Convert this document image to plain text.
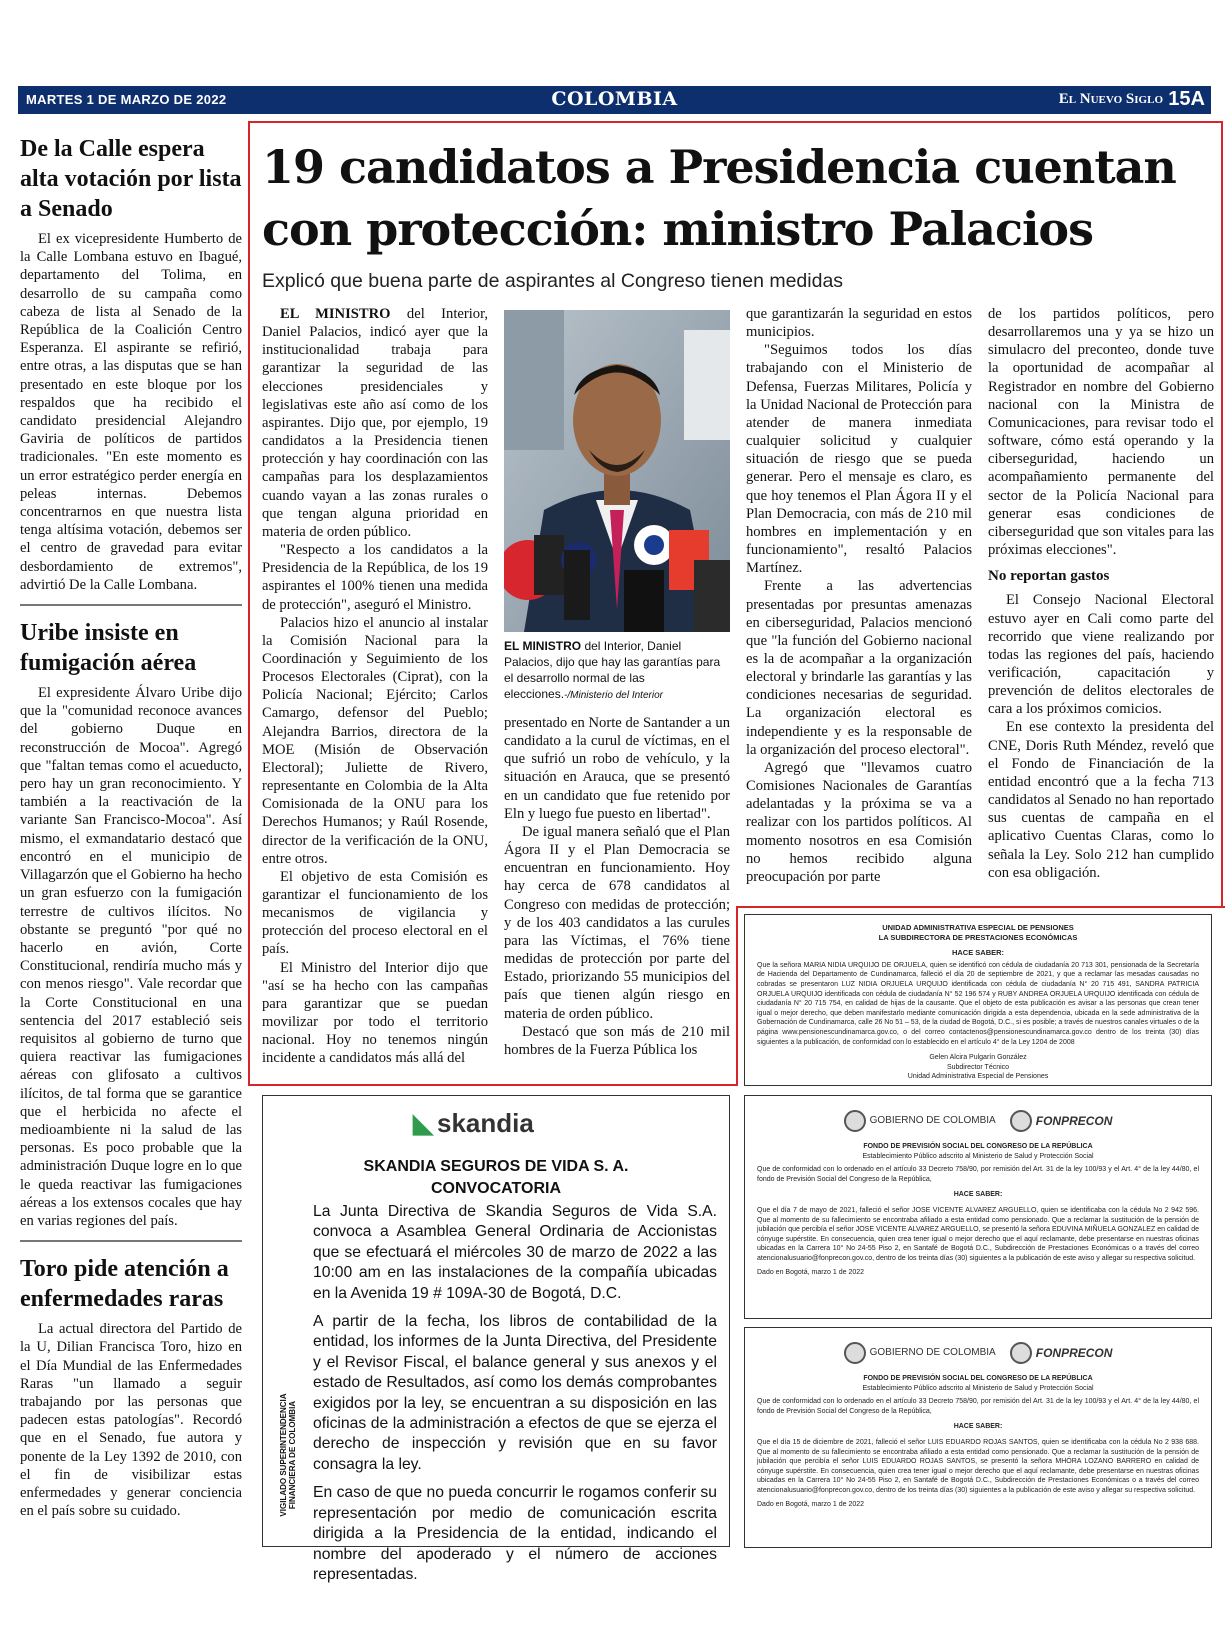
MARTES 1 DE MARZO DE 2022	COLOMBIA	El Nuevo Siglo 15A
De la Calle espera alta votación por lista a Senado

El ex vicepresidente Humberto de la Calle Lombana estuvo en Ibagué, departamento del Tolima, en desarrollo de su campaña como cabeza de lista al Senado de la República de la Coalición Centro Esperanza. El aspirante se refirió, entre otras, a las disputas que se han presentado en este bloque por los respaldos que ha recibido el candidato presidencial Alejandro Gaviria de políticos de partidos tradicionales. "En este momento es un error estratégico perder energía en peleas internas. Debemos concentrarnos en que nuestra lista tenga altísima votación, debemos ser el centro de gravedad para evitar desbordamiento de extremos", advirtió De la Calle Lombana.

Uribe insiste en fumigación aérea

El expresidente Álvaro Uribe dijo que la "comunidad reconoce avances del gobierno Duque en reconstrucción de Mocoa". Agregó que "faltan temas como el acueducto, pero hay un gran reconocimiento. Y también a la reactivación de la variante San Francisco-Mocoa". Así mismo, el exmandatario destacó que encontró en el municipio de Villagarzón que el Gobierno ha hecho un gran esfuerzo con la fumigación terrestre de cultivos ilícitos. No obstante se preguntó "por qué no hacerlo en avión, Corte Constitucional, rendiría mucho más y con menos riesgo". Vale recordar que la Corte Constitucional en una sentencia del 2017 estableció seis requisitos al gobierno de turno que quiera reactivar las fumigaciones aéreas con glifosato a cultivos ilícitos, de tal forma que se garantice que el herbicida no afecte el medioambiente ni la salud de las personas. Es poco probable que la administración Duque logre en lo que le queda reactivar las fumigaciones aéreas a los extensos cocales que hay en varias regiones del país.

Toro pide atención a enfermedades raras

La actual directora del Partido de la U, Dilian Francisca Toro, hizo en el Día Mundial de las Enfermedades Raras "un llamado a seguir trabajando por las personas que padecen estas patologías". Recordó que en el Senado, fue autora y ponente de la Ley 1392 de 2010, con el fin de visibilizar estas enfermedades y generar conciencia en el país sobre su cuidado.

19 candidatos a Presidencia cuentan con protección: ministro Palacios
Explicó que buena parte de aspirantes al Congreso tienen medidas

EL MINISTRO del Interior, Daniel Palacios, indicó ayer que la institucionalidad trabaja para garantizar la seguridad de las elecciones presidenciales y legislativas este año así como de los aspirantes. Dijo que, por ejemplo, 19 candidatos a la Presidencia tienen protección y hay coordinación con las campañas para los desplazamientos cuando vayan a las zonas rurales o que tengan alguna prioridad en materia de orden público.

"Respecto a los candidatos a la Presidencia de la República, de los 19 aspirantes el 100% tienen una medida de protección", aseguró el Ministro.

Palacios hizo el anuncio al instalar la Comisión Nacional para la Coordinación y Seguimiento de los Procesos Electorales (Ciprat), con la Policía Nacional; Ejército; Carlos Camargo, defensor del Pueblo; Alejandra Barrios, directora de la MOE (Misión de Observación Electoral); Juliette de Rivero, representante en Colombia de la Alta Comisionada de la ONU para los Derechos Humanos; y Raúl Rosende, director de la verificación de la ONU, entre otros.

El objetivo de esta Comisión es garantizar el funcionamiento de los mecanismos de vigilancia y protección del proceso electoral en el país.

El Ministro del Interior dijo que "así se ha hecho con las campañas para garantizar que se puedan movilizar por todo el territorio nacional. Hoy no tenemos ningún incidente a candidatos más allá del

EL MINISTRO del Interior, Daniel Palacios, dijo que hay las garantías para el desarrollo normal de las elecciones.-/Ministerio del Interior

presentado en Norte de Santander a un candidato a la curul de víctimas, en el que sufrió un robo de vehículo, y la situación en Arauca, que se presentó en un candidato que fue retenido por Eln y luego fue puesto en libertad".

De igual manera señaló que el Plan Ágora II y el Plan Democracia se encuentran en funcionamiento. Hoy hay cerca de 678 candidatos al Congreso con medidas de protección; y de los 403 candidatos a las curules para las Víctimas, el 76% tiene medidas de protección por parte del Estado, priorizando 55 municipios del país que tienen algún riesgo en materia de orden público.

Destacó que son más de 210 mil hombres de la Fuerza Pública los

que garantizarán la seguridad en estos municipios.

"Seguimos todos los días trabajando con el Ministerio de Defensa, Fuerzas Militares, Policía y la Unidad Nacional de Protección para atender de manera inmediata cualquier solicitud y cualquier situación de riesgo que se pueda generar. Pero el mensaje es claro, es que hoy tenemos el Plan Ágora II y el Plan Democracia, con más de 210 mil hombres en implementación y en funcionamiento", resaltó Palacios Martínez.

Frente a las advertencias presentadas por presuntas amenazas en ciberseguridad, Palacios mencionó que "la función del Gobierno nacional es la de acompañar a la organización electoral y brindarle las garantías y las condiciones necesarias de seguridad. La organización electoral es independiente y es la responsable de la organización del proceso electoral".

Agregó que "llevamos cuatro Comisiones Nacionales de Garantías adelantadas y la próxima se va a realizar con los partidos políticos. Al momento nosotros en esa Comisión no hemos recibido alguna preocupación por parte

de los partidos políticos, pero desarrollaremos una y ya se hizo un simulacro del preconteo, donde tuve la oportunidad de acompañar al Registrador en nombre del Gobierno nacional con la Ministra de Comunicaciones, para revisar todo el software, cómo está operando y la ciberseguridad, haciendo un acompañamiento permanente del sector de la Policía Nacional para generar esas condiciones de ciberseguridad que son vitales para las próximas elecciones".

No reportan gastos

El Consejo Nacional Electoral estuvo ayer en Cali como parte del recorrido que viene realizando por todas las regiones del país, haciendo verificación, capacitación y prevención de delitos electorales de cara a los próximos comicios.

En ese contexto la presidenta del CNE, Doris Ruth Méndez, reveló que el Fondo de Financiación de la entidad encontró que a la fecha 713 candidatos al Senado no han reportado sus cuentas de campaña en el aplicativo Cuentas Claras, como lo señala la Ley. Solo 212 han cumplido con esa obligación.

UNIDAD ADMINISTRATIVA ESPECIAL DE PENSIONES
LA SUBDIRECTORA DE PRESTACIONES ECONÓMICAS
HACE SABER:
Que la señora MARIA NIDIA URQUIJO DE ORJUELA, quien se identificó con cédula de ciudadanía 20 713 301, pensionada de la Secretaría de Hacienda del Departamento de Cundinamarca, falleció el día 20 de septiembre de 2021, y que a reclamar las mesadas causadas no cobradas se presentaron LUZ NIDIA ORJUELA URQUIJO identificada con cédula de ciudadanía N° 20 715 491, SANDRA PATRICIA ORJUELA URQUIJO identificada con cédula de ciudadanía N° 52 196 574 y RUBY ANDREA ORJUELA URQUIJO identificada con cédula de ciudadanía N° 20 715 754, en calidad de hijas de la causante. Que el objeto de esta publicación es avisar a las personas que crean tener igual o mejor derecho, que deben manifestarlo mediante comunicación dirigida a esta dependencia, ubicada en la sede administrativa de la Gobernación de Cundinamarca, calle 26 No 51 – 53, de la ciudad de Bogotá, D.C., si es posible; a través de nuestros canales virtuales o de la página www.pensionescundinamarca.gov.co, o del correo contactenos@pensionescundinamarca.gov.co dentro de los treinta (30) días siguientes a la publicación, de conformidad con lo establecido en el artículo 4° de la Ley 1204 de 2008
Gelen Alcira Pulgarín González
Subdirector Técnico
Unidad Administrativa Especial de Pensiones
◣ skandia
SKANDIA SEGUROS DE VIDA S. A.
CONVOCATORIA

La Junta Directiva de Skandia Seguros de Vida S.A. convoca a Asamblea General Ordinaria de Accionistas que se efectuará el miércoles 30 de marzo de 2022 a las 10:00 am en las instalaciones de la compañía ubicadas en la Avenida 19 # 109A-30 de Bogotá, D.C.

A partir de la fecha, los libros de contabilidad de la entidad, los informes de la Junta Directiva, del Presidente y el Revisor Fiscal, el balance general y sus anexos y el estado de Resultados, así como los demás comprobantes exigidos por la ley, se encuentran a su disposición en las oficinas de la administración a efectos de que se ejerza el derecho de inspección y revisión que en su favor consagra la ley.

En caso de que no pueda concurrir le rogamos conferir su representación por medio de comunicación escrita dirigida a la Presidencia de la entidad, indicando el nombre del apoderado y el número de acciones representadas.

VIGILADO SUPERINTENDENCIA FINANCIERA DE COLOMBIA
GOBIERNO DE COLOMBIA	FONPRECON
FONDO DE PREVISIÓN SOCIAL DEL CONGRESO DE LA REPÚBLICA
Establecimiento Público adscrito al Ministerio de Salud y Protección Social
Que de conformidad con lo ordenado en el artículo 33 Decreto 758/90, por remisión del Art. 31 de la ley 100/93 y el Art. 4° de la ley 44/80, el fondo de Previsión Social del Congreso de la República,
HACE SABER:
Que el día 7 de mayo de 2021, falleció el señor JOSE VICENTE ALVAREZ ARGUELLO, quien se identificaba con la cédula No 2 942 596. Que al momento de su fallecimiento se encontraba afiliado a esta entidad como pensionado. Que a reclamar la sustitución de la pensión de jubilación que percibía el señor JOSE VICENTE ALVAREZ ARGUELLO, se presentó la señora EDUVINA MIÑUELA GONZALEZ en calidad de cónyuge supérstite. En consecuencia, quien crea tener igual o mejor derecho que el aquí reclamante, debe presentarse en nuestras oficinas ubicadas en la Carrera 10° No 24-55 Piso 2, en Santafé de Bogotá D.C., Subdirección de Prestaciones Económicas o a través del correo atencionalusuario@fonprecon.gov.co, dentro de los treinta días (30) siguientes a la publicación de este aviso y allegar su respectiva solicitud.
Dado en Bogotá, marzo 1 de 2022
GOBIERNO DE COLOMBIA	FONPRECON
FONDO DE PREVISIÓN SOCIAL DEL CONGRESO DE LA REPÚBLICA
Establecimiento Público adscrito al Ministerio de Salud y Protección Social
Que de conformidad con lo ordenado en el artículo 33 Decreto 758/90, por remisión del Art. 31 de la ley 100/93 y el Art. 4° de la ley 44/80, el fondo de Previsión Social del Congreso de la República,
HACE SABER:
Que el día 15 de diciembre de 2021, falleció el señor LUIS EDUARDO ROJAS SANTOS, quien se identificaba con la cédula No 2 938 688. Que al momento de su fallecimiento se encontraba afiliado a esta entidad como pensionado. Que a reclamar la sustitución de la pensión de jubilación que percibía el señor LUIS EDUARDO ROJAS SANTOS, se presentó la señora MHÓRA LOZANO BARRERO en calidad de cónyuge supérstite. En consecuencia, quien crea tener igual o mejor derecho que el aquí reclamante, debe presentarse en nuestras oficinas ubicadas en la Carrera 10° No 24-55 Piso 2, en Santafé de Bogotá D.C., Subdirección de Prestaciones Económicas o a través del correo atencionalusuario@fonprecon.gov.co, dentro de los treinta días (30) siguientes a la publicación de este aviso y allegar su respectiva solicitud.
Dado en Bogotá, marzo 1 de 2022
